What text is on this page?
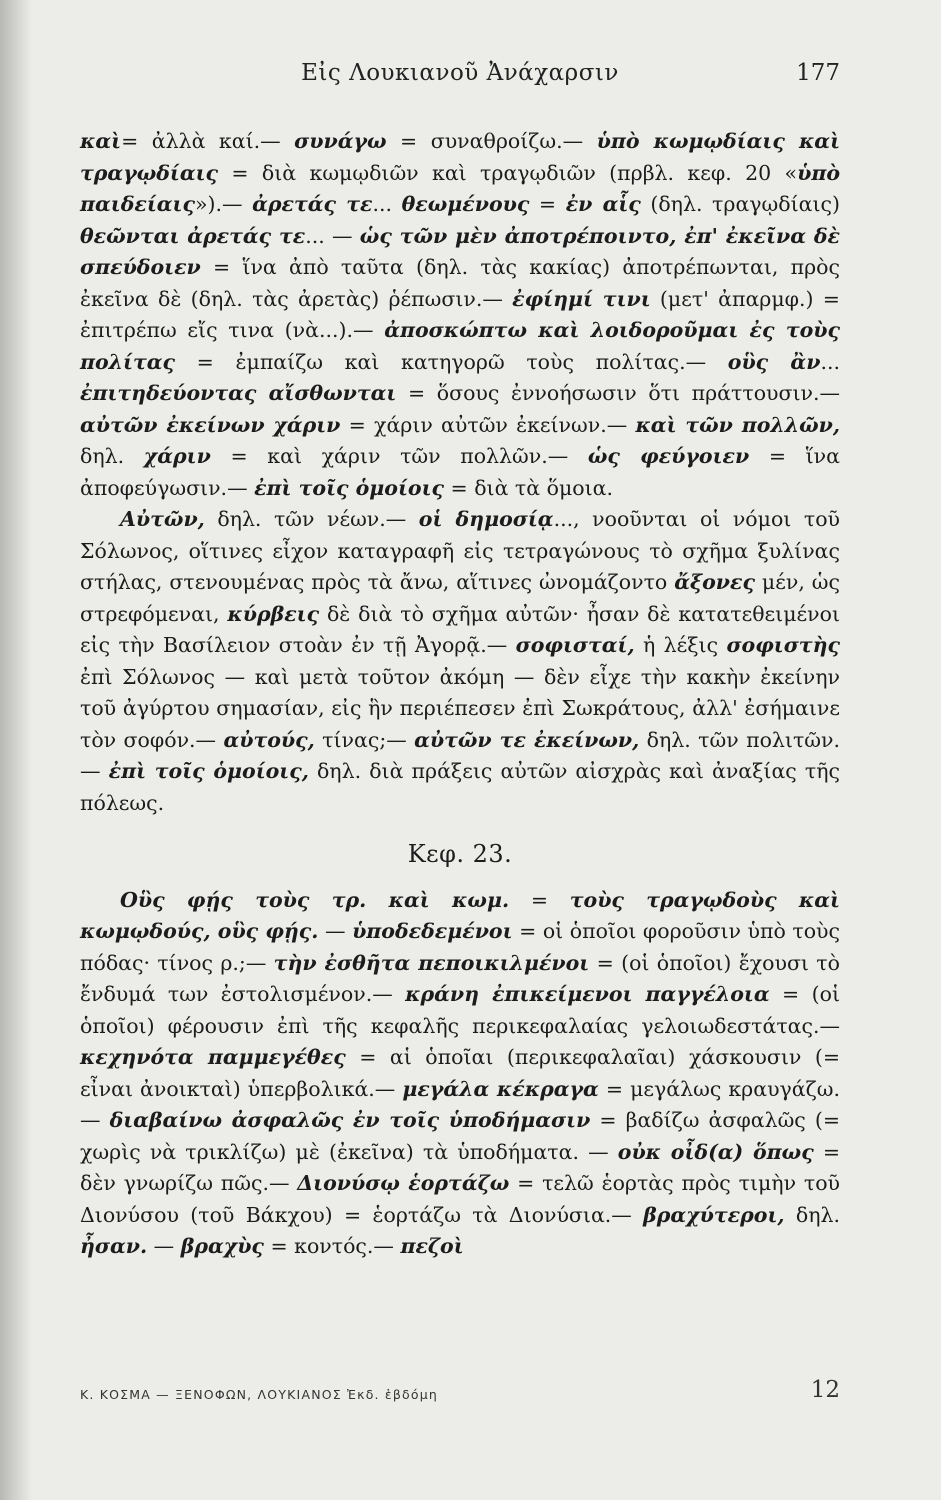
Εἰς Λουκιανοῦ Ἀνάχαρσιν	177

καὶ= ἀλλὰ καί.— συνάγω = συναθροίζω.— ὑπὸ κωμῳδίαις καὶ τραγῳδίαις = διὰ κωμῳδιῶν καὶ τραγῳδιῶν (πρβλ. κεφ. 20 «ὑπὸ παιδείαις»).— ἀρετάς τε... θεωμένους = ἐν αἷς (δηλ. τραγῳδίαις) θεῶνται ἀρετάς τε... — ὡς τῶν μὲν ἀποτρέποιντο, ἐπ' ἐκεῖνα δὲ σπεύδοιεν = ἵνα ἀπὸ ταῦτα (δηλ. τὰς κακίας) ἀποτρέπωνται, πρὸς ἐκεῖνα δὲ (δηλ. τὰς ἀρετὰς) ῥέπωσιν.— ἐφίημί τινι (μετ' ἀπαρμφ.) = ἐπιτρέπω εἴς τινα (νὰ...).— ἀποσκώπτω καὶ λοιδοροῦμαι ἐς τοὺς πολίτας = ἐμπαίζω καὶ κατηγορῶ τοὺς πολίτας.— οὓς ἂν... ἐπιτηδεύοντας αἴσθωνται = ὅσους ἐννοήσωσιν ὅτι πράττουσιν.— αὐτῶν ἐκείνων χάριν = χάριν αὐτῶν ἐκείνων.— καὶ τῶν πολλῶν, δηλ. χάριν = καὶ χάριν τῶν πολλῶν.— ὡς φεύγοιεν = ἵνα ἀποφεύγωσιν.— ἐπὶ τοῖς ὁμοίοις = διὰ τὰ ὅμοια.

Αὐτῶν, δηλ. τῶν νέων.— οἱ δημοσίᾳ..., νοοῦνται οἱ νόμοι τοῦ Σόλωνος, οἵτινες εἶχον καταγραφῆ εἰς τετραγώνους τὸ σχῆμα ξυλίνας στήλας, στενουμένας πρὸς τὰ ἄνω, αἵτινες ὠνομάζοντο ἄξονες μέν, ὡς στρεφόμεναι, κύρβεις δὲ διὰ τὸ σχῆμα αὐτῶν· ἦσαν δὲ κατατεθειμένοι εἰς τὴν Βασίλειον στοὰν ἐν τῇ Ἀγορᾷ.— σοφισταί, ἡ λέξις σοφιστὴς ἐπὶ Σόλωνος — καὶ μετὰ τοῦτον ἀκόμη — δὲν εἶχε τὴν κακὴν ἐκείνην τοῦ ἀγύρτου σημασίαν, εἰς ἣν περιέπεσεν ἐπὶ Σωκράτους, ἀλλ' ἐσήμαινε τὸν σοφόν.— αὐτούς, τίνας;— αὐτῶν τε ἐκείνων, δηλ. τῶν πολιτῶν.— ἐπὶ τοῖς ὁμοίοις, δηλ. διὰ πράξεις αὐτῶν αἰσχρὰς καὶ ἀναξίας τῆς πόλεως.

Κεφ. 23.

Οὓς φῄς τοὺς τρ. καὶ κωμ. = τοὺς τραγῳδοὺς καὶ κωμῳδούς, οὓς φῄς. — ὑποδεδεμένοι = οἱ ὁποῖοι φοροῦσιν ὑπὸ τοὺς πόδας· τίνος ρ.;— τὴν ἐσθῆτα πεποικιλμένοι = (οἱ ὁποῖοι) ἔχουσι τὸ ἔνδυμά των ἐστολισμένον.— κράνη ἐπικείμενοι παγγέλοια = (οἱ ὁποῖοι) φέρουσιν ἐπὶ τῆς κεφαλῆς περικεφαλαίας γελοιωδεστάτας.— κεχηνότα παμμεγέθες = αἱ ὁποῖαι (περικεφαλαῖαι) χάσκουσιν (= εἶναι ἀνοικταὶ) ὑπερβολικά.— μεγάλα κέκραγα = μεγάλως κραυγάζω.— διαβαίνω ἀσφαλῶς ἐν τοῖς ὑποδήμασιν = βαδίζω ἀσφαλῶς (= χωρὶς νὰ τρικλίζω) μὲ (ἐκεῖνα) τὰ ὑποδήματα. — οὐκ οἶδ(α) ὅπως = δὲν γνωρίζω πῶς.— Διονύσῳ ἑορτάζω = τελῶ ἑορτὰς πρὸς τιμὴν τοῦ Διονύσου (τοῦ Βάκχου) = ἑορτάζω τὰ Διονύσια.— βραχύτεροι, δηλ. ἦσαν. — βραχὺς = κοντός.— πεζοὶ

Κ. ΚΟΣΜΑ — ΞΕΝΟΦΩΝ, ΛΟΥΚΙΑΝΟΣ Ἐκδ. ἑβδόμη	12
